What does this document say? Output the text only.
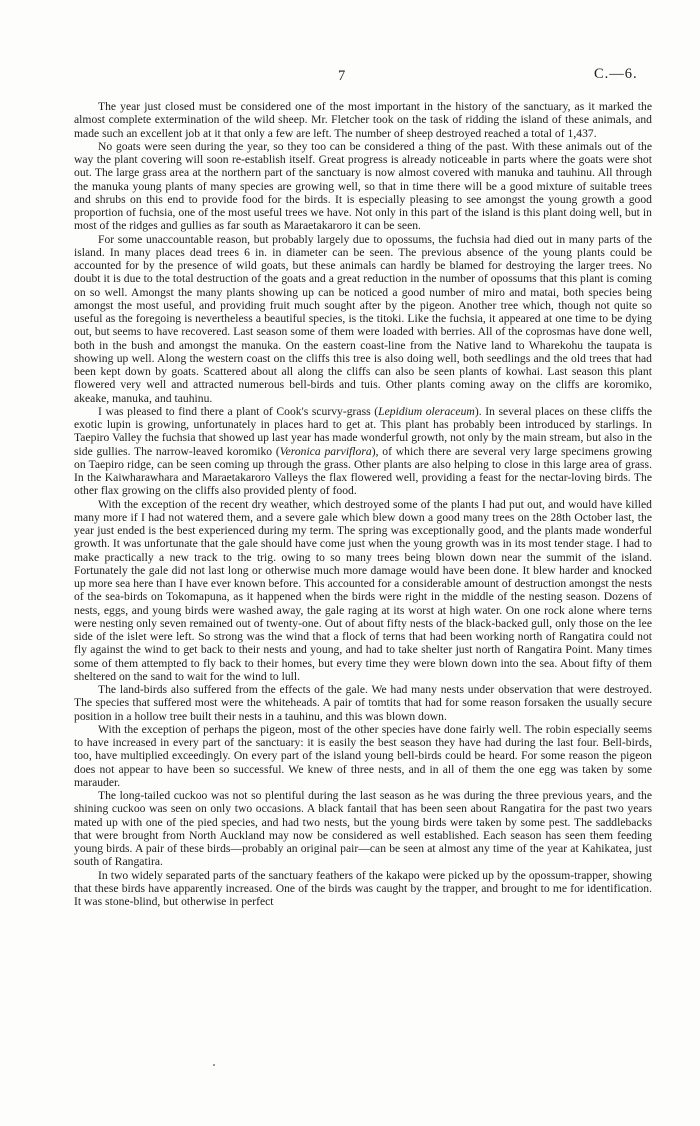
7	C.—6.

The year just closed must be considered one of the most important in the history of the sanctuary, as it marked the almost complete extermination of the wild sheep. Mr. Fletcher took on the task of ridding the island of these animals, and made such an excellent job at it that only a few are left. The number of sheep destroyed reached a total of 1,437.

No goats were seen during the year, so they too can be considered a thing of the past. With these animals out of the way the plant covering will soon re-establish itself. Great progress is already noticeable in parts where the goats were shot out. The large grass area at the northern part of the sanctuary is now almost covered with manuka and tauhinu. All through the manuka young plants of many species are growing well, so that in time there will be a good mixture of suitable trees and shrubs on this end to provide food for the birds. It is especially pleasing to see amongst the young growth a good proportion of fuchsia, one of the most useful trees we have. Not only in this part of the island is this plant doing well, but in most of the ridges and gullies as far south as Maraetakaroro it can be seen.

For some unaccountable reason, but probably largely due to opossums, the fuchsia had died out in many parts of the island. In many places dead trees 6 in. in diameter can be seen. The previous absence of the young plants could be accounted for by the presence of wild goats, but these animals can hardly be blamed for destroying the larger trees. No doubt it is due to the total destruction of the goats and a great reduction in the number of opossums that this plant is coming on so well. Amongst the many plants showing up can be noticed a good number of miro and matai, both species being amongst the most useful, and providing fruit much sought after by the pigeon. Another tree which, though not quite so useful as the foregoing is nevertheless a beautiful species, is the titoki. Like the fuchsia, it appeared at one time to be dying out, but seems to have recovered. Last season some of them were loaded with berries. All of the coprosmas have done well, both in the bush and amongst the manuka. On the eastern coast-line from the Native land to Wharekohu the taupata is showing up well. Along the western coast on the cliffs this tree is also doing well, both seedlings and the old trees that had been kept down by goats. Scattered about all along the cliffs can also be seen plants of kowhai. Last season this plant flowered very well and attracted numerous bell-birds and tuis. Other plants coming away on the cliffs are koromiko, akeake, manuka, and tauhinu.

I was pleased to find there a plant of Cook's scurvy-grass (Lepidium oleraceum). In several places on these cliffs the exotic lupin is growing, unfortunately in places hard to get at. This plant has probably been introduced by starlings. In Taepiro Valley the fuchsia that showed up last year has made wonderful growth, not only by the main stream, but also in the side gullies. The narrow-leaved koromiko (Veronica parviflora), of which there are several very large specimens growing on Taepiro ridge, can be seen coming up through the grass. Other plants are also helping to close in this large area of grass. In the Kaiwharawhara and Maraetakaroro Valleys the flax flowered well, providing a feast for the nectar-loving birds. The other flax growing on the cliffs also provided plenty of food.

With the exception of the recent dry weather, which destroyed some of the plants I had put out, and would have killed many more if I had not watered them, and a severe gale which blew down a good many trees on the 28th October last, the year just ended is the best experienced during my term. The spring was exceptionally good, and the plants made wonderful growth. It was unfortunate that the gale should have come just when the young growth was in its most tender stage. I had to make practically a new track to the trig. owing to so many trees being blown down near the summit of the island. Fortunately the gale did not last long or otherwise much more damage would have been done. It blew harder and knocked up more sea here than I have ever known before. This accounted for a considerable amount of destruction amongst the nests of the sea-birds on Tokomapuna, as it happened when the birds were right in the middle of the nesting season. Dozens of nests, eggs, and young birds were washed away, the gale raging at its worst at high water. On one rock alone where terns were nesting only seven remained out of twenty-one. Out of about fifty nests of the black-backed gull, only those on the lee side of the islet were left. So strong was the wind that a flock of terns that had been working north of Rangatira could not fly against the wind to get back to their nests and young, and had to take shelter just north of Rangatira Point. Many times some of them attempted to fly back to their homes, but every time they were blown down into the sea. About fifty of them sheltered on the sand to wait for the wind to lull.

The land-birds also suffered from the effects of the gale. We had many nests under observation that were destroyed. The species that suffered most were the whiteheads. A pair of tomtits that had for some reason forsaken the usually secure position in a hollow tree built their nests in a tauhinu, and this was blown down.

With the exception of perhaps the pigeon, most of the other species have done fairly well. The robin especially seems to have increased in every part of the sanctuary: it is easily the best season they have had during the last four. Bell-birds, too, have multiplied exceedingly. On every part of the island young bell-birds could be heard. For some reason the pigeon does not appear to have been so successful. We knew of three nests, and in all of them the one egg was taken by some marauder.

The long-tailed cuckoo was not so plentiful during the last season as he was during the three previous years, and the shining cuckoo was seen on only two occasions. A black fantail that has been seen about Rangatira for the past two years mated up with one of the pied species, and had two nests, but the young birds were taken by some pest. The saddlebacks that were brought from North Auckland may now be considered as well established. Each season has seen them feeding young birds. A pair of these birds—probably an original pair—can be seen at almost any time of the year at Kahikatea, just south of Rangatira.

In two widely separated parts of the sanctuary feathers of the kakapo were picked up by the opossum-trapper, showing that these birds have apparently increased. One of the birds was caught by the trapper, and brought to me for identification. It was stone-blind, but otherwise in perfect
